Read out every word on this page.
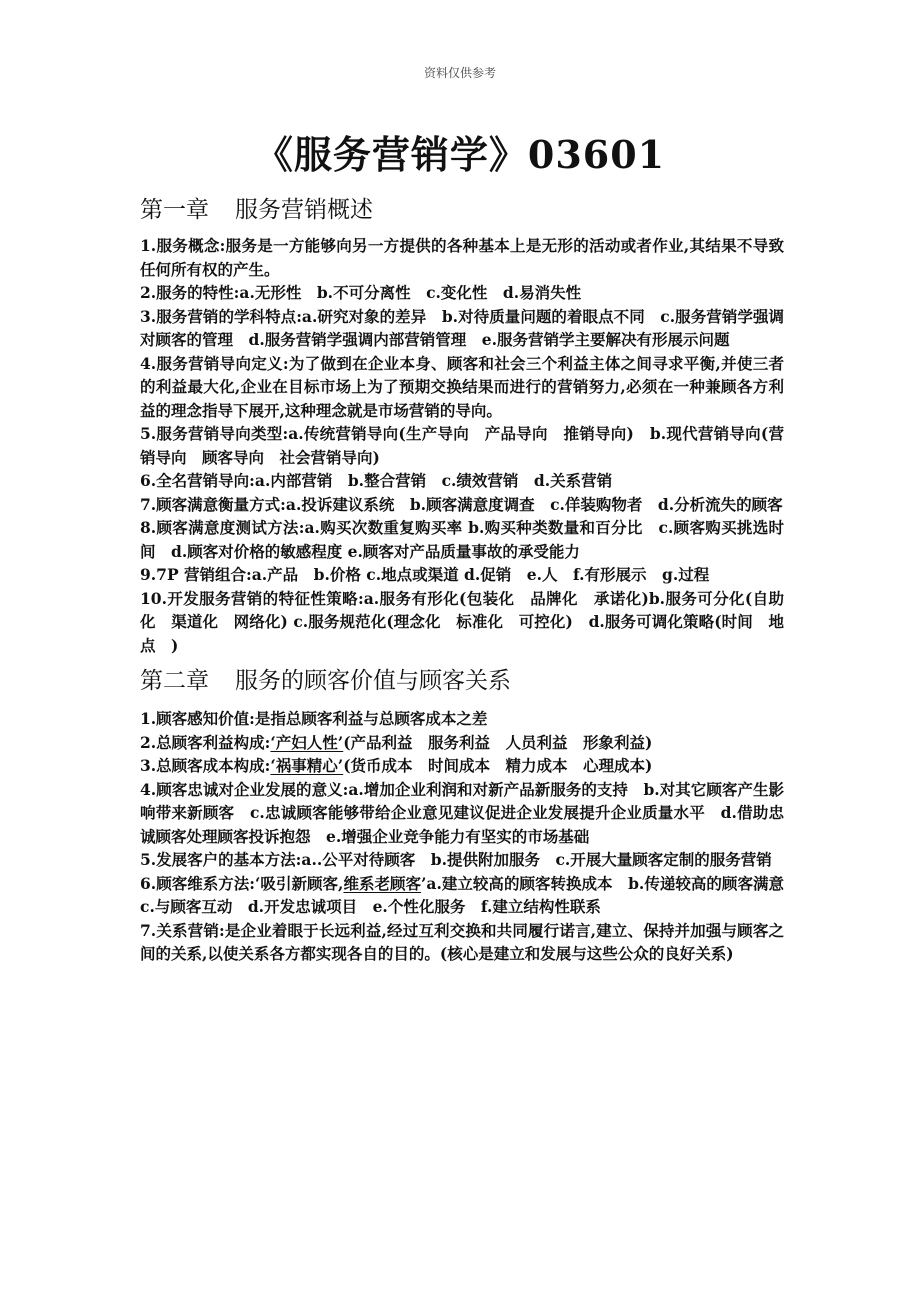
资料仅供参考
《服务营销学》03601
第一章 服务营销概述

1.服务概念:服务是一方能够向另一方提供的各种基本上是无形的活动或者作业,其结果不导致任何所有权的产生。

2.服务的特性:a.无形性　b.不可分离性　c.变化性　d.易消失性

3.服务营销的学科特点:a.研究对象的差异　b.对待质量问题的着眼点不同　c.服务营销学强调对顾客的管理　d.服务营销学强调内部营销管理　e.服务营销学主要解决有形展示问题

4.服务营销导向定义:为了做到在企业本身、顾客和社会三个利益主体之间寻求平衡,并使三者的利益最大化,企业在目标市场上为了预期交换结果而进行的营销努力,必须在一种兼顾各方利益的理念指导下展开,这种理念就是市场营销的导向。

5.服务营销导向类型:a.传统营销导向(生产导向　产品导向　推销导向)　b.现代营销导向(营销导向　顾客导向　社会营销导向)

6.全名营销导向:a.内部营销　b.整合营销　c.绩效营销　d.关系营销

7.顾客满意衡量方式:a.投诉建议系统　b.顾客满意度调查　c.佯装购物者　d.分析流失的顾客

8.顾客满意度测试方法:a.购买次数重复购买率 b.购买种类数量和百分比　c.顾客购买挑选时间　d.顾客对价格的敏感程度 e.顾客对产品质量事故的承受能力

9.7P 营销组合:a.产品　b.价格 c.地点或渠道 d.促销　e.人　f.有形展示　g.过程

10.开发服务营销的特征性策略:a.服务有形化(包装化　品牌化　承诺化)b.服务可分化(自助化　渠道化　网络化) c.服务规范化(理念化　标准化　可控化)　d.服务可调化策略(时间　地点　)

第二章 服务的顾客价值与顾客关系

1.顾客感知价值:是指总顾客利益与总顾客成本之差

2.总顾客利益构成:‘产妇人性’(产品利益　服务利益　人员利益　形象利益)

3.总顾客成本构成:‘祸事精心’(货币成本　时间成本　精力成本　心理成本)

4.顾客忠诚对企业发展的意义:a.增加企业利润和对新产品新服务的支持　b.对其它顾客产生影响带来新顾客　c.忠诚顾客能够带给企业意见建议促进企业发展提升企业质量水平　d.借助忠诚顾客处理顾客投诉抱怨　e.增强企业竞争能力有坚实的市场基础

5.发展客户的基本方法:a..公平对待顾客　b.提供附加服务　c.开展大量顾客定制的服务营销

6.顾客维系方法:‘吸引新顾客,维系老顾客’a.建立较高的顾客转换成本　b.传递较高的顾客满意　c.与顾客互动　d.开发忠诚项目　e.个性化服务　f.建立结构性联系

7.关系营销:是企业着眼于长远利益,经过互利交换和共同履行诺言,建立、保持并加强与顾客之间的关系,以使关系各方都实现各自的目的。(核心是建立和发展与这些公众的良好关系)
